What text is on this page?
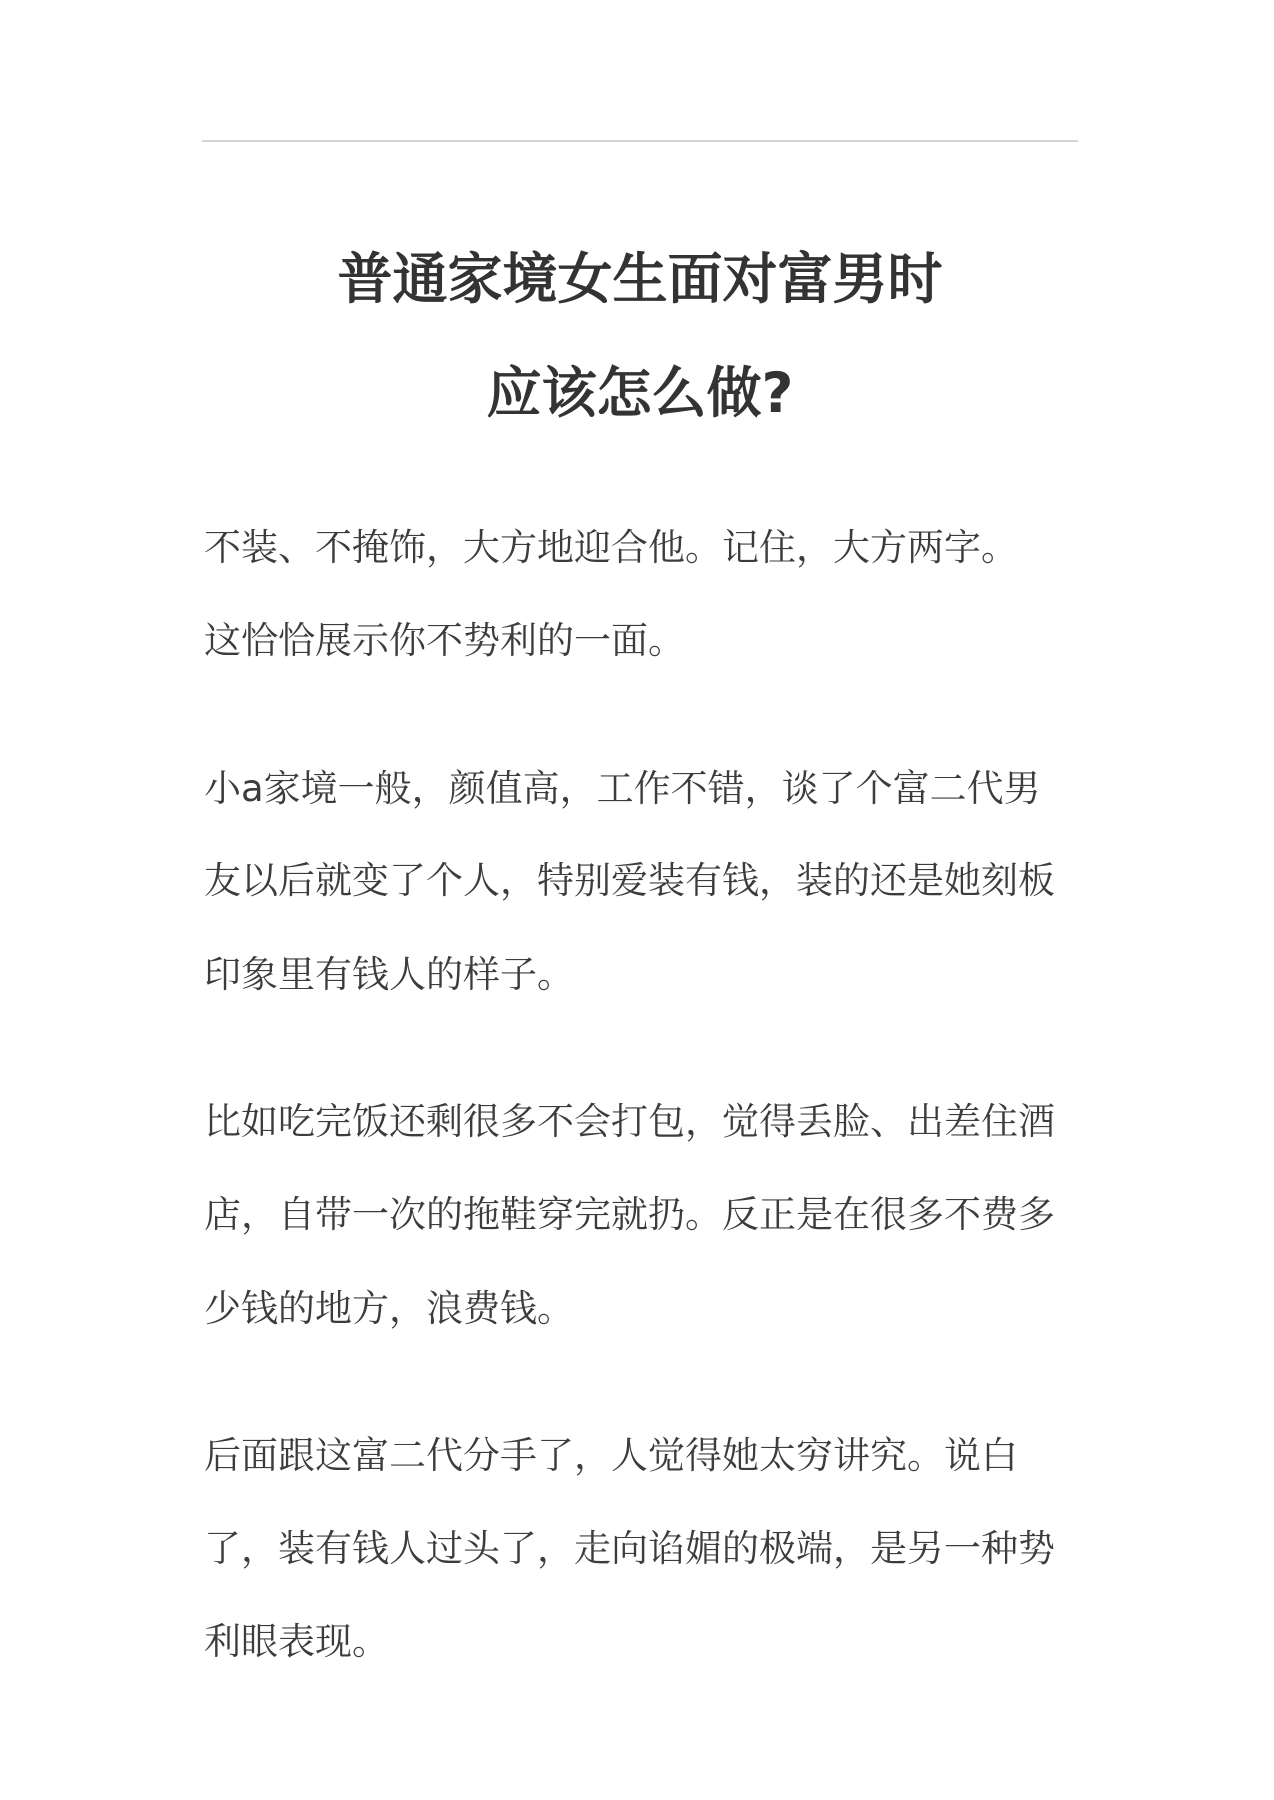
普通家境女生面对富男时
应该怎么做?
不装、不掩饰，大方地迎合他。记住，大方两字。
这恰恰展示你不势利的一面。
小a家境一般，颜值高，工作不错，谈了个富二代男
友以后就变了个人，特别爱装有钱，装的还是她刻板
印象里有钱人的样子。
比如吃完饭还剩很多不会打包，觉得丢脸、出差住酒
店，自带一次的拖鞋穿完就扔。反正是在很多不费多
少钱的地方，浪费钱。
后面跟这富二代分手了，人觉得她太穷讲究。说白
了，装有钱人过头了，走向谄媚的极端，是另一种势
利眼表现。
